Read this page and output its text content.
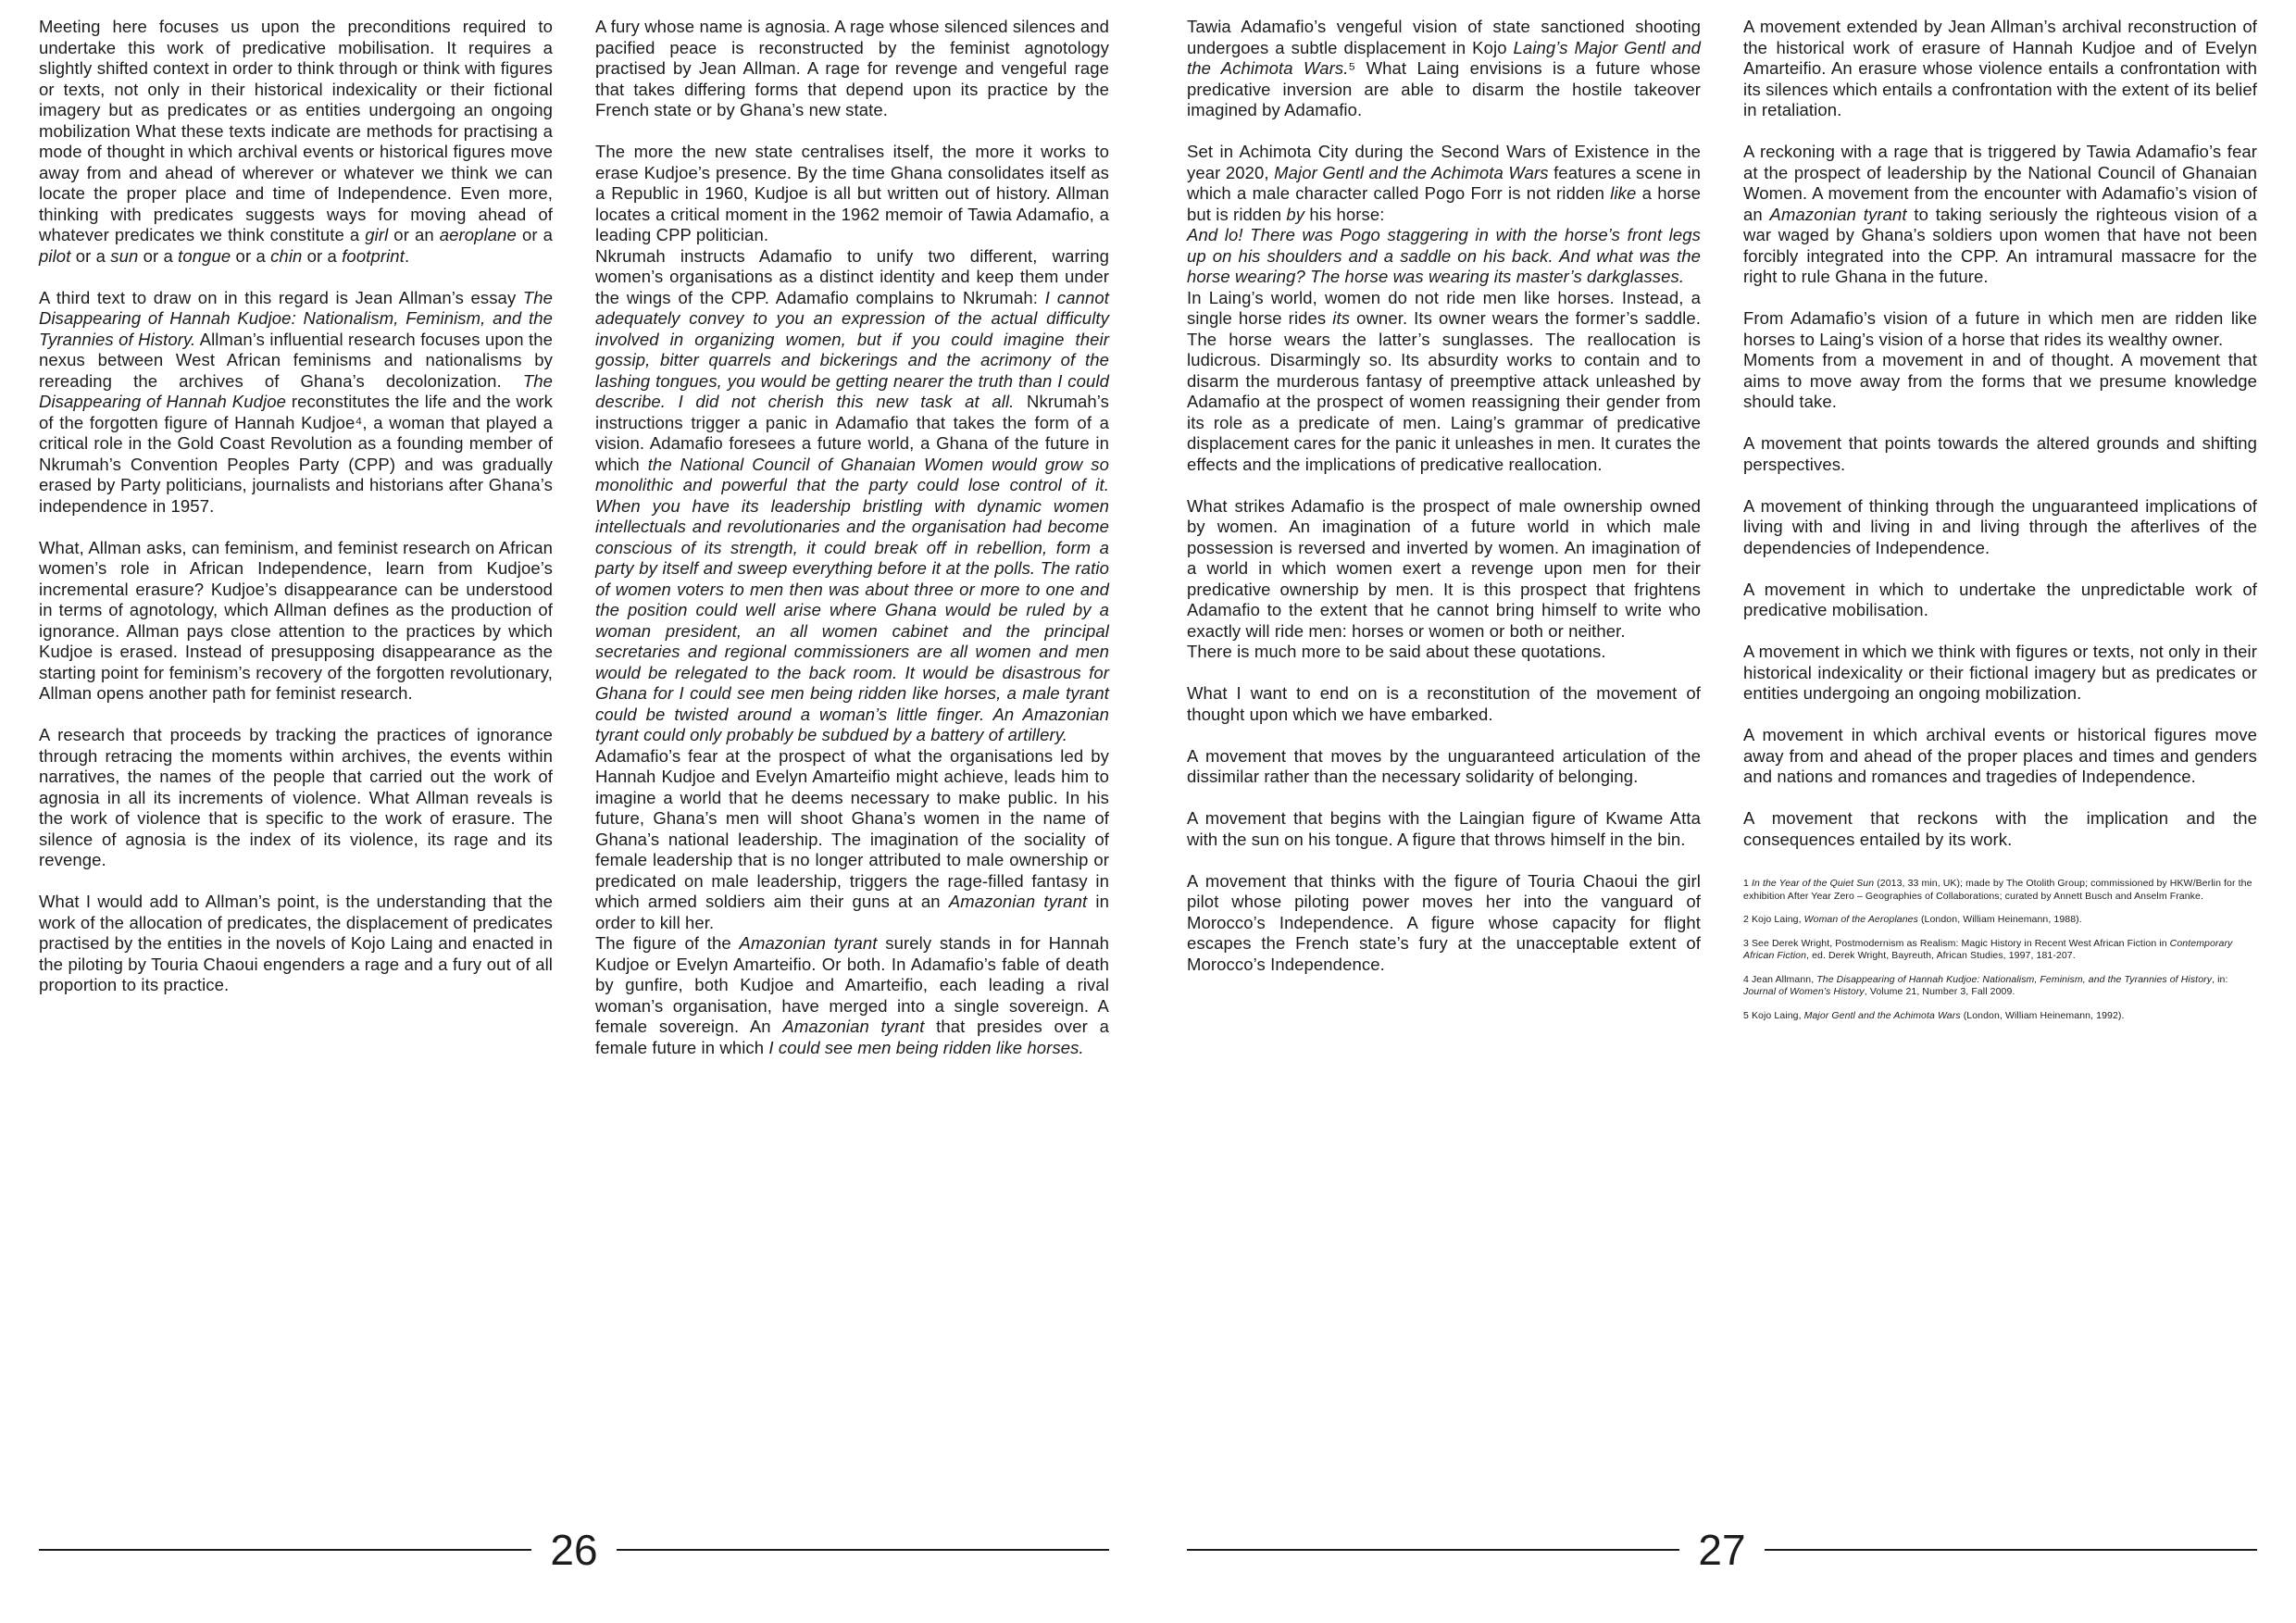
Meeting here focuses us upon the preconditions required to undertake this work of predicative mobilisation. It requires a slightly shifted context in order to think through or think with figures or texts, not only in their historical indexicality or their fictional imagery but as predicates or as entities undergoing an ongoing mobilization What these texts indicate are methods for practising a mode of thought in which archival events or historical figures move away from and ahead of wherever or whatever we think we can locate the proper place and time of Independence. Even more, thinking with predicates suggests ways for moving ahead of whatever predicates we think constitute a girl or an aeroplane or a pilot or a sun or a tongue or a chin or a footprint.

A third text to draw on in this regard is Jean Allman’s essay The Disappearing of Hannah Kudjoe: Nationalism, Feminism, and the Tyrannies of History. Allman’s influential research focuses upon the nexus between West African feminisms and nationalisms by rereading the archives of Ghana’s decolonization. The Disappearing of Hannah Kudjoe reconstitutes the life and the work of the forgotten figure of Hannah Kudjoe⁴, a woman that played a critical role in the Gold Coast Revolution as a founding member of Nkrumah’s Convention Peoples Party (CPP) and was gradually erased by Party politicians, journalists and historians after Ghana’s independence in 1957.

What, Allman asks, can feminism, and feminist research on African women’s role in African Independence, learn from Kudjoe’s incremental erasure? Kudjoe’s disappearance can be understood in terms of agnotology, which Allman defines as the production of ignorance. Allman pays close attention to the practices by which Kudjoe is erased. Instead of presupposing disappearance as the starting point for feminism’s recovery of the forgotten revolutionary, Allman opens another path for feminist research.

A research that proceeds by tracking the practices of ignorance through retracing the moments within archives, the events within narratives, the names of the people that carried out the work of agnosia in all its increments of violence. What Allman reveals is the work of violence that is specific to the work of erasure. The silence of agnosia is the index of its violence, its rage and its revenge.

What I would add to Allman’s point, is the understanding that the work of the allocation of predicates, the displacement of predicates practised by the entities in the novels of Kojo Laing and enacted in the piloting by Touria Chaoui engenders a rage and a fury out of all proportion to its practice.

A fury whose name is agnosia. A rage whose silenced silences and pacified peace is reconstructed by the feminist agnotology practised by Jean Allman. A rage for revenge and vengeful rage that takes differing forms that depend upon its practice by the French state or by Ghana’s new state.

The more the new state centralises itself, the more it works to erase Kudjoe’s presence. By the time Ghana consolidates itself as a Republic in 1960, Kudjoe is all but written out of history. Allman locates a critical moment in the 1962 memoir of Tawia Adamafio, a leading CPP politician.

Nkrumah instructs Adamafio to unify two different, warring women’s organisations as a distinct identity and keep them under the wings of the CPP. Adamafio complains to Nkrumah: I cannot adequately convey to you an expression of the actual difficulty involved in organizing women, but if you could imagine their gossip, bitter quarrels and bickerings and the acrimony of the lashing tongues, you would be getting nearer the truth than I could describe. I did not cherish this new task at all. Nkrumah’s instructions trigger a panic in Adamafio that takes the form of a vision. Adamafio foresees a future world, a Ghana of the future in which the National Council of Ghanaian Women would grow so monolithic and powerful that the party could lose control of it. When you have its leadership bristling with dynamic women intellectuals and revolutionaries and the organisation had become conscious of its strength, it could break off in rebellion, form a party by itself and sweep everything before it at the polls. The ratio of women voters to men then was about three or more to one and the position could well arise where Ghana would be ruled by a woman president, an all women cabinet and the principal secretaries and regional commissioners are all women and men would be relegated to the back room. It would be disastrous for Ghana for I could see men being ridden like horses, a male tyrant could be twisted around a woman’s little finger. An Amazonian tyrant could only probably be subdued by a battery of artillery.

Adamafio’s fear at the prospect of what the organisations led by Hannah Kudjoe and Evelyn Amarteifio might achieve, leads him to imagine a world that he deems necessary to make public. In his future, Ghana’s men will shoot Ghana’s women in the name of Ghana’s national leadership. The imagination of the sociality of female leadership that is no longer attributed to male ownership or predicated on male leadership, triggers the rage-filled fantasy in which armed soldiers aim their guns at an Amazonian tyrant in order to kill her.

The figure of the Amazonian tyrant surely stands in for Hannah Kudjoe or Evelyn Amarteifio. Or both. In Adamafio’s fable of death by gunfire, both Kudjoe and Amarteifio, each leading a rival woman’s organisation, have merged into a single sovereign. A female sovereign. An Amazonian tyrant that presides over a female future in which I could see men being ridden like horses.

26

Tawia Adamafio’s vengeful vision of state sanctioned shooting undergoes a subtle displacement in Kojo Laing’s Major Gentl and the Achimota Wars.⁵ What Laing envisions is a future whose predicative inversion are able to disarm the hostile takeover imagined by Adamafio.

Set in Achimota City during the Second Wars of Existence in the year 2020, Major Gentl and the Achimota Wars features a scene in which a male character called Pogo Forr is not ridden like a horse but is ridden by his horse:

And lo! There was Pogo staggering in with the horse’s front legs up on his shoulders and a saddle on his back. And what was the horse wearing? The horse was wearing its master’s darkglasses.

In Laing’s world, women do not ride men like horses. Instead, a single horse rides its owner. Its owner wears the former’s saddle. The horse wears the latter’s sunglasses. The reallocation is ludicrous. Disarmingly so. Its absurdity works to contain and to disarm the murderous fantasy of preemptive attack unleashed by Adamafio at the prospect of women reassigning their gender from its role as a predicate of men. Laing’s grammar of predicative displacement cares for the panic it unleashes in men. It curates the effects and the implications of predicative reallocation.

What strikes Adamafio is the prospect of male ownership owned by women. An imagination of a future world in which male possession is reversed and inverted by women. An imagination of a world in which women exert a revenge upon men for their predicative ownership by men. It is this prospect that frightens Adamafio to the extent that he cannot bring himself to write who exactly will ride men: horses or women or both or neither.

There is much more to be said about these quotations.

What I want to end on is a reconstitution of the movement of thought upon which we have embarked.

A movement that moves by the unguaranteed articulation of the dissimilar rather than the necessary solidarity of belonging.

A movement that begins with the Laingian figure of Kwame Atta with the sun on his tongue. A figure that throws himself in the bin.

A movement that thinks with the figure of Touria Chaoui the girl pilot whose piloting power moves her into the vanguard of Morocco’s Independence. A figure whose capacity for flight escapes the French state’s fury at the unacceptable extent of Morocco’s Independence.

A movement extended by Jean Allman’s archival reconstruction of the historical work of erasure of Hannah Kudjoe and of Evelyn Amarteifio. An erasure whose violence entails a confrontation with its silences which entails a confrontation with the extent of its belief in retaliation.

A reckoning with a rage that is triggered by Tawia Adamafio’s fear at the prospect of leadership by the National Council of Ghanaian Women. A movement from the encounter with Adamafio’s vision of an Amazonian tyrant to taking seriously the righteous vision of a war waged by Ghana’s soldiers upon women that have not been forcibly integrated into the CPP. An intramural massacre for the right to rule Ghana in the future.

From Adamafio’s vision of a future in which men are ridden like horses to Laing’s vision of a horse that rides its wealthy owner.

Moments from a movement in and of thought. A movement that aims to move away from the forms that we presume knowledge should take.

A movement that points towards the altered grounds and shifting perspectives.

A movement of thinking through the unguaranteed implications of living with and living in and living through the afterlives of the dependencies of Independence.

A movement in which to undertake the unpredictable work of predicative mobilisation.

A movement in which we think with figures or texts, not only in their historical indexicality or their fictional imagery but as predicates or entities undergoing an ongoing mobilization.

A movement in which archival events or historical figures move away from and ahead of the proper places and times and genders and nations and romances and tragedies of Independence.

A movement that reckons with the implication and the consequences entailed by its work.

1 In the Year of the Quiet Sun (2013, 33 min, UK); made by The Otolith Group; commissioned by HKW/Berlin for the exhibition After Year Zero – Geographies of Collaborations; curated by Annett Busch and Anselm Franke.

2 Kojo Laing, Woman of the Aeroplanes (London, William Heinemann, 1988).

3 See Derek Wright, Postmodernism as Realism: Magic History in Recent West African Fiction in Contemporary African Fiction, ed. Derek Wright, Bayreuth, African Studies, 1997, 181-207.

4 Jean Allmann, The Disappearing of Hannah Kudjoe: Nationalism, Feminism, and the Tyrannies of History, in: Journal of Women’s History, Volume 21, Number 3, Fall 2009.

5 Kojo Laing, Major Gentl and the Achimota Wars (London, William Heinemann, 1992).

27
